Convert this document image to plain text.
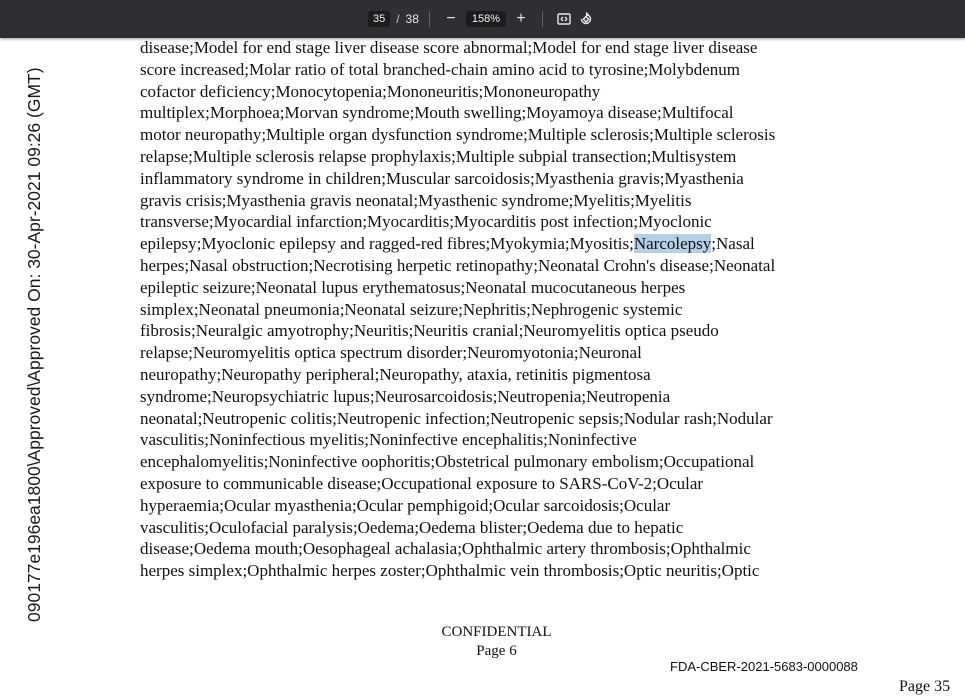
35 / 38	−	158%	+
090177e196ea1800\Approved\Approved On: 30-Apr-2021 09:26 (GMT)
disease;Model for end stage liver disease score abnormal;Model for end stage liver disease
score increased;Molar ratio of total branched-chain amino acid to tyrosine;Molybdenum
cofactor deficiency;Monocytopenia;Mononeuritis;Mononeuropathy
multiplex;Morphoea;Morvan syndrome;Mouth swelling;Moyamoya disease;Multifocal
motor neuropathy;Multiple organ dysfunction syndrome;Multiple sclerosis;Multiple sclerosis
relapse;Multiple sclerosis relapse prophylaxis;Multiple subpial transection;Multisystem
inflammatory syndrome in children;Muscular sarcoidosis;Myasthenia gravis;Myasthenia
gravis crisis;Myasthenia gravis neonatal;Myasthenic syndrome;Myelitis;Myelitis
transverse;Myocardial infarction;Myocarditis;Myocarditis post infection;Myoclonic
epilepsy;Myoclonic epilepsy and ragged-red fibres;Myokymia;Myositis;Narcolepsy;Nasal
herpes;Nasal obstruction;Necrotising herpetic retinopathy;Neonatal Crohn's disease;Neonatal
epileptic seizure;Neonatal lupus erythematosus;Neonatal mucocutaneous herpes
simplex;Neonatal pneumonia;Neonatal seizure;Nephritis;Nephrogenic systemic
fibrosis;Neuralgic amyotrophy;Neuritis;Neuritis cranial;Neuromyelitis optica pseudo
relapse;Neuromyelitis optica spectrum disorder;Neuromyotonia;Neuronal
neuropathy;Neuropathy peripheral;Neuropathy, ataxia, retinitis pigmentosa
syndrome;Neuropsychiatric lupus;Neurosarcoidosis;Neutropenia;Neutropenia
neonatal;Neutropenic colitis;Neutropenic infection;Neutropenic sepsis;Nodular rash;Nodular
vasculitis;Noninfectious myelitis;Noninfective encephalitis;Noninfective
encephalomyelitis;Noninfective oophoritis;Obstetrical pulmonary embolism;Occupational
exposure to communicable disease;Occupational exposure to SARS-CoV-2;Ocular
hyperaemia;Ocular myasthenia;Ocular pemphigoid;Ocular sarcoidosis;Ocular
vasculitis;Oculofacial paralysis;Oedema;Oedema blister;Oedema due to hepatic
disease;Oedema mouth;Oesophageal achalasia;Ophthalmic artery thrombosis;Ophthalmic
herpes simplex;Ophthalmic herpes zoster;Ophthalmic vein thrombosis;Optic neuritis;Optic
CONFIDENTIAL
Page 6
FDA-CBER-2021-5683-0000088
Page 35
